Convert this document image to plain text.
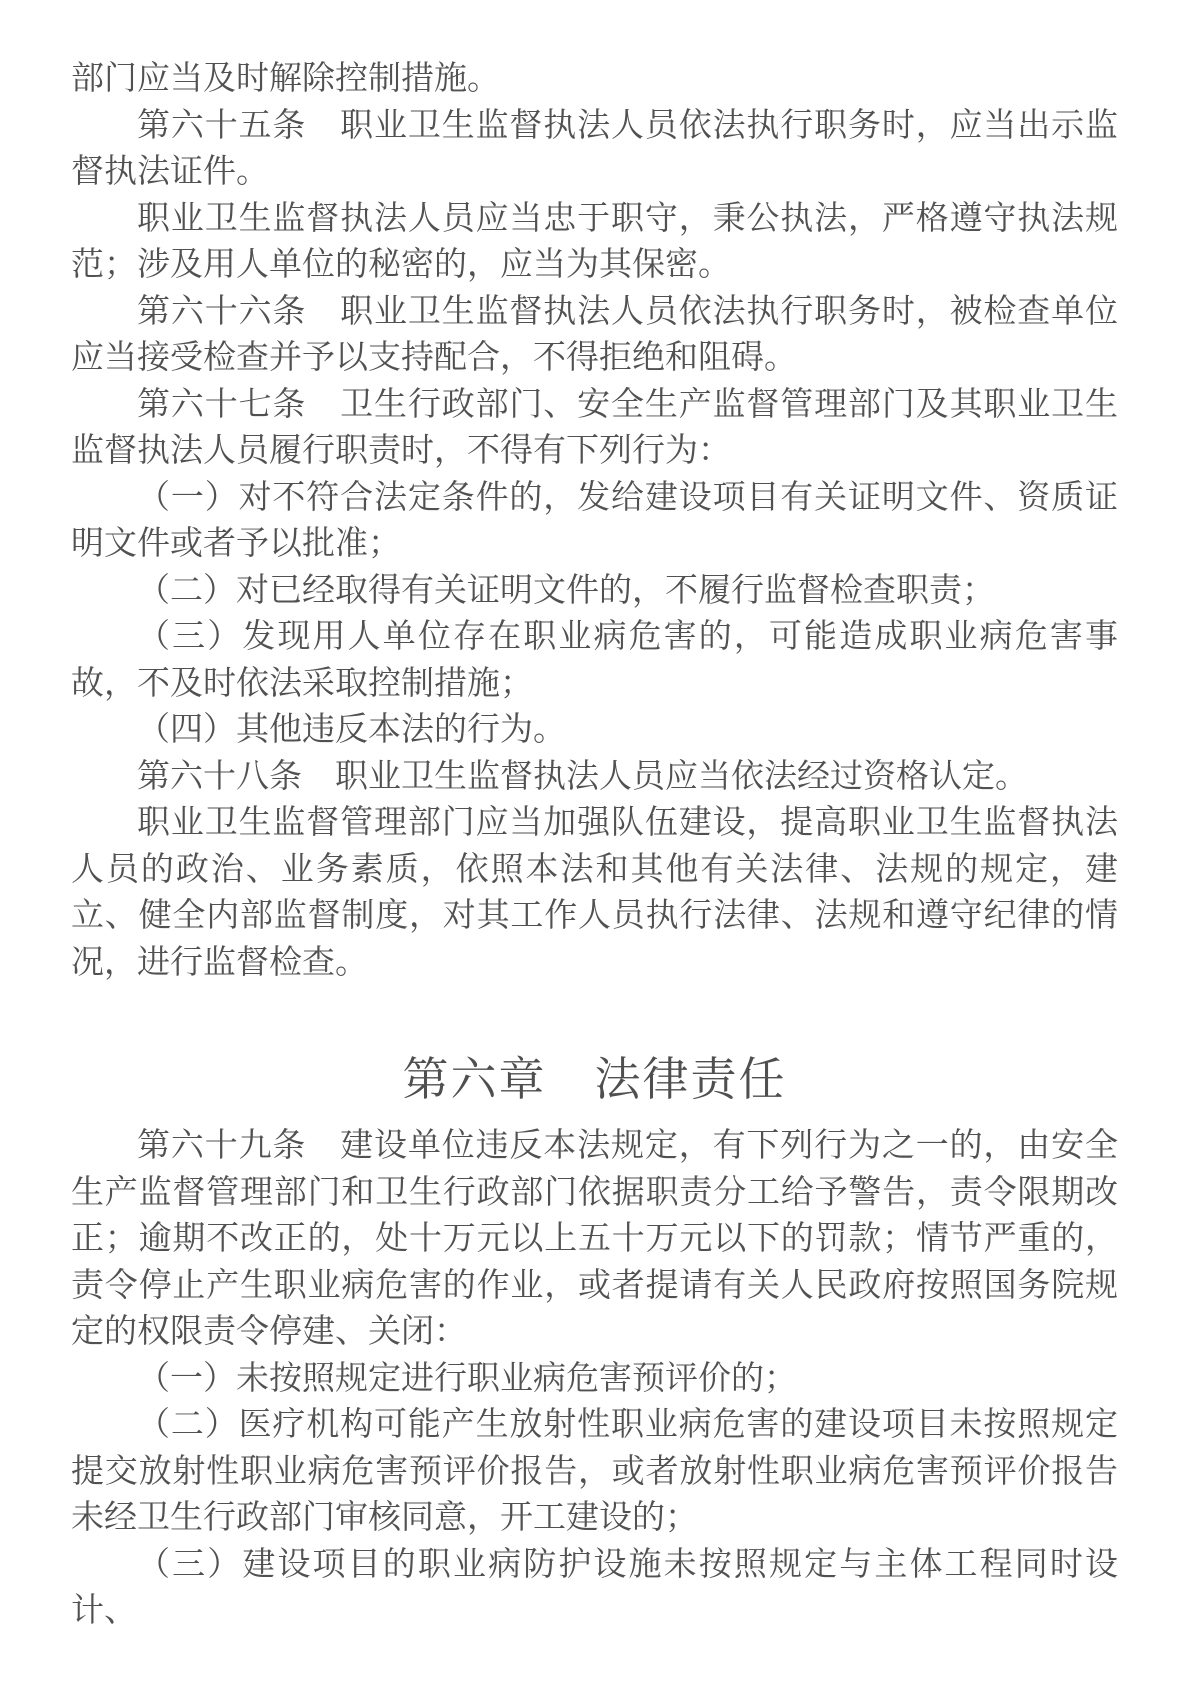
部门应当及时解除控制措施。

第六十五条　职业卫生监督执法人员依法执行职务时，应当出示监督执法证件。

职业卫生监督执法人员应当忠于职守，秉公执法，严格遵守执法规范；涉及用人单位的秘密的，应当为其保密。

第六十六条　职业卫生监督执法人员依法执行职务时，被检查单位应当接受检查并予以支持配合，不得拒绝和阻碍。

第六十七条　卫生行政部门、安全生产监督管理部门及其职业卫生监督执法人员履行职责时，不得有下列行为：

（一）对不符合法定条件的，发给建设项目有关证明文件、资质证明文件或者予以批准；

（二）对已经取得有关证明文件的，不履行监督检查职责；

（三）发现用人单位存在职业病危害的，可能造成职业病危害事故，不及时依法采取控制措施；

（四）其他违反本法的行为。

第六十八条　职业卫生监督执法人员应当依法经过资格认定。

职业卫生监督管理部门应当加强队伍建设，提高职业卫生监督执法人员的政治、业务素质，依照本法和其他有关法律、法规的规定，建立、健全内部监督制度，对其工作人员执行法律、法规和遵守纪律的情况，进行监督检查。

第六章　法律责任

第六十九条　建设单位违反本法规定，有下列行为之一的，由安全生产监督管理部门和卫生行政部门依据职责分工给予警告，责令限期改正；逾期不改正的，处十万元以上五十万元以下的罚款；情节严重的，责令停止产生职业病危害的作业，或者提请有关人民政府按照国务院规定的权限责令停建、关闭：

（一）未按照规定进行职业病危害预评价的；

（二）医疗机构可能产生放射性职业病危害的建设项目未按照规定提交放射性职业病危害预评价报告，或者放射性职业病危害预评价报告未经卫生行政部门审核同意，开工建设的；

（三）建设项目的职业病防护设施未按照规定与主体工程同时设计、
